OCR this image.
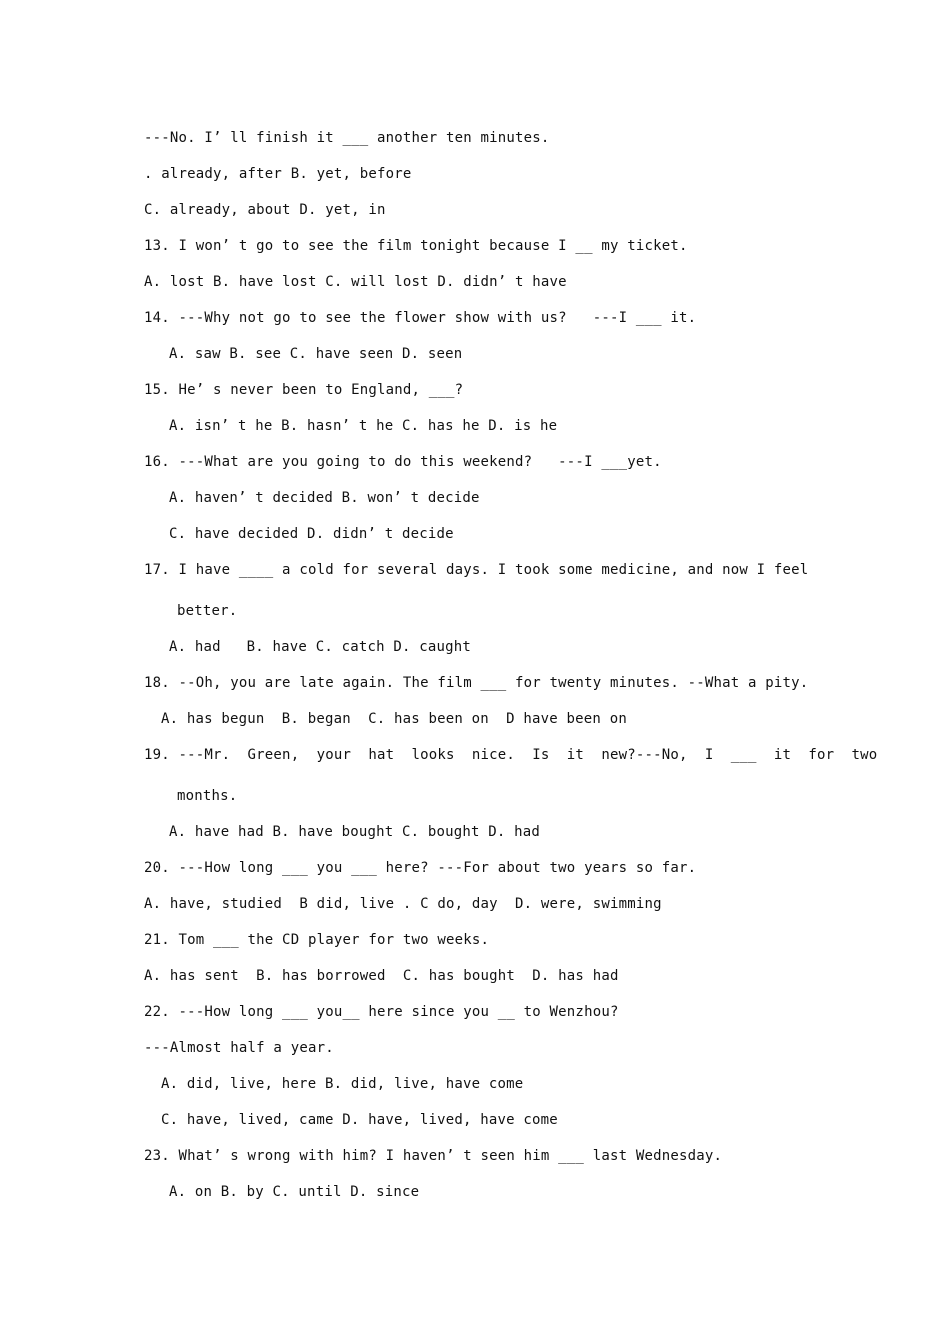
---No. I’ ll finish it ___ another ten minutes.
. already, after B. yet, before
C. already, about D. yet, in
13. I won’ t go to see the film tonight because I __ my ticket.
A. lost B. have lost C. will lost D. didn’ t have
14. ---Why not go to see the flower show with us?   ---I ___ it.
A. saw B. see C. have seen D. seen
15. He’ s never been to England, ___?
A. isn’ t he B. hasn’ t he C. has he D. is he
16. ---What are you going to do this weekend?   ---I ___yet.
A. haven’ t decided B. won’ t decide
C. have decided D. didn’ t decide
17. I have ____ a cold for several days. I took some medicine, and now I feel
better.
A. had   B. have C. catch D. caught
18. --Oh, you are late again. The film ___ for twenty minutes. --What a pity.
A. has begun  B. began  C. has been on  D have been on
19. ---Mr.  Green,  your  hat  looks  nice.  Is  it  new?---No,  I  ___  it  for  two
months.
A. have had B. have bought C. bought D. had
20. ---How long ___ you ___ here? ---For about two years so far.
A. have, studied  B did, live . C do, day  D. were, swimming
21. Tom ___ the CD player for two weeks.
A. has sent  B. has borrowed  C. has bought  D. has had
22. ---How long ___ you__ here since you __ to Wenzhou?
---Almost half a year.
A. did, live, here B. did, live, have come
C. have, lived, came D. have, lived, have come
23. What’ s wrong with him? I haven’ t seen him ___ last Wednesday.
A. on B. by C. until D. since
